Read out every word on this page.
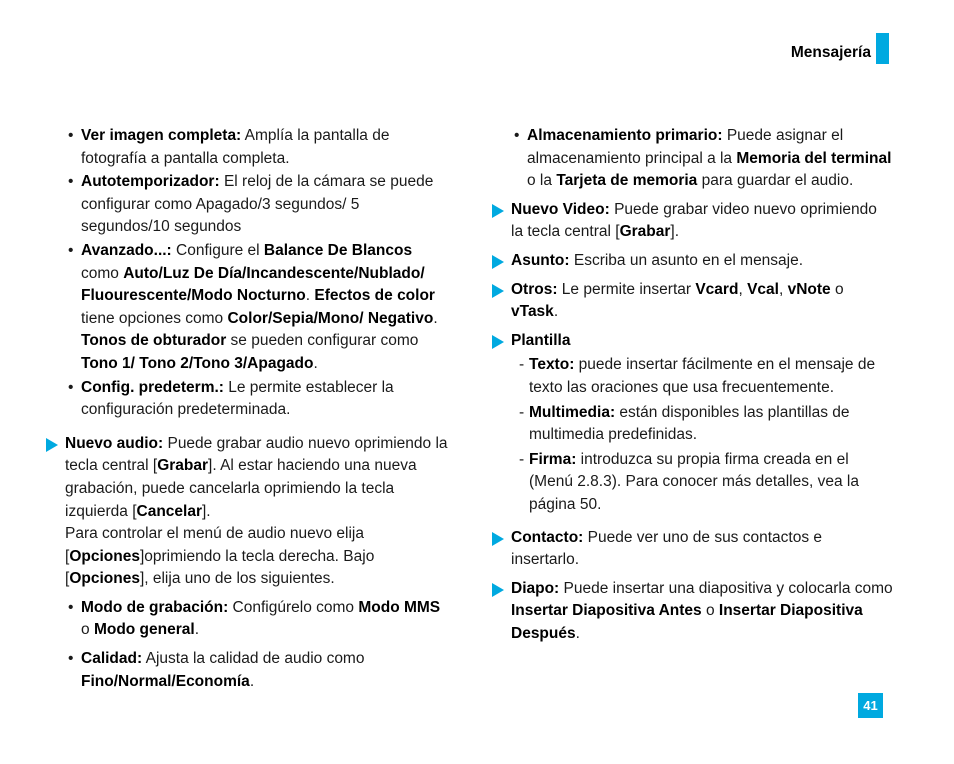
Mensajería
• Ver imagen completa: Amplía la pantalla de fotografía a pantalla completa.
• Autotemporizador: El reloj de la cámara se puede configurar como Apagado/3 segundos/ 5 segundos/10 segundos
• Avanzado...: Configure el Balance De Blancos como Auto/Luz De Día/Incandescente/Nublado/ Fluourescente/Modo Nocturno. Efectos de color tiene opciones como Color/Sepia/Mono/ Negativo. Tonos de obturador se pueden configurar como Tono 1/ Tono 2/Tono 3/Apagado.
• Config. predeterm.: Le permite establecer la configuración predeterminada.
Nuevo audio: Puede grabar audio nuevo oprimiendo la tecla central [Grabar]. Al estar haciendo una nueva grabación, puede cancelarla oprimiendo la tecla izquierda [Cancelar].
Para controlar el menú de audio nuevo elija [Opciones]oprimiendo la tecla derecha. Bajo [Opciones], elija uno de los siguientes.
• Modo de grabación: Configúrelo como Modo MMS o Modo general.
• Calidad: Ajusta la calidad de audio como Fino/Normal/Economía.
• Almacenamiento primario: Puede asignar el almacenamiento principal a la Memoria del terminal o la Tarjeta de memoria para guardar el audio.
Nuevo Video: Puede grabar video nuevo oprimiendo la tecla central [Grabar].
Asunto: Escriba un asunto en el mensaje.
Otros: Le permite insertar Vcard, Vcal, vNote o vTask.
Plantilla
- Texto: puede insertar fácilmente en el mensaje de texto las oraciones que usa frecuentemente.
- Multimedia: están disponibles las plantillas de multimedia predefinidas.
- Firma: introduzca su propia firma creada en el (Menú 2.8.3). Para conocer más detalles, vea la página 50.
Contacto: Puede ver uno de sus contactos e insertarlo.
Diapo: Puede insertar una diapositiva y colocarla como Insertar Diapositiva Antes o Insertar Diapositiva Después.
41
